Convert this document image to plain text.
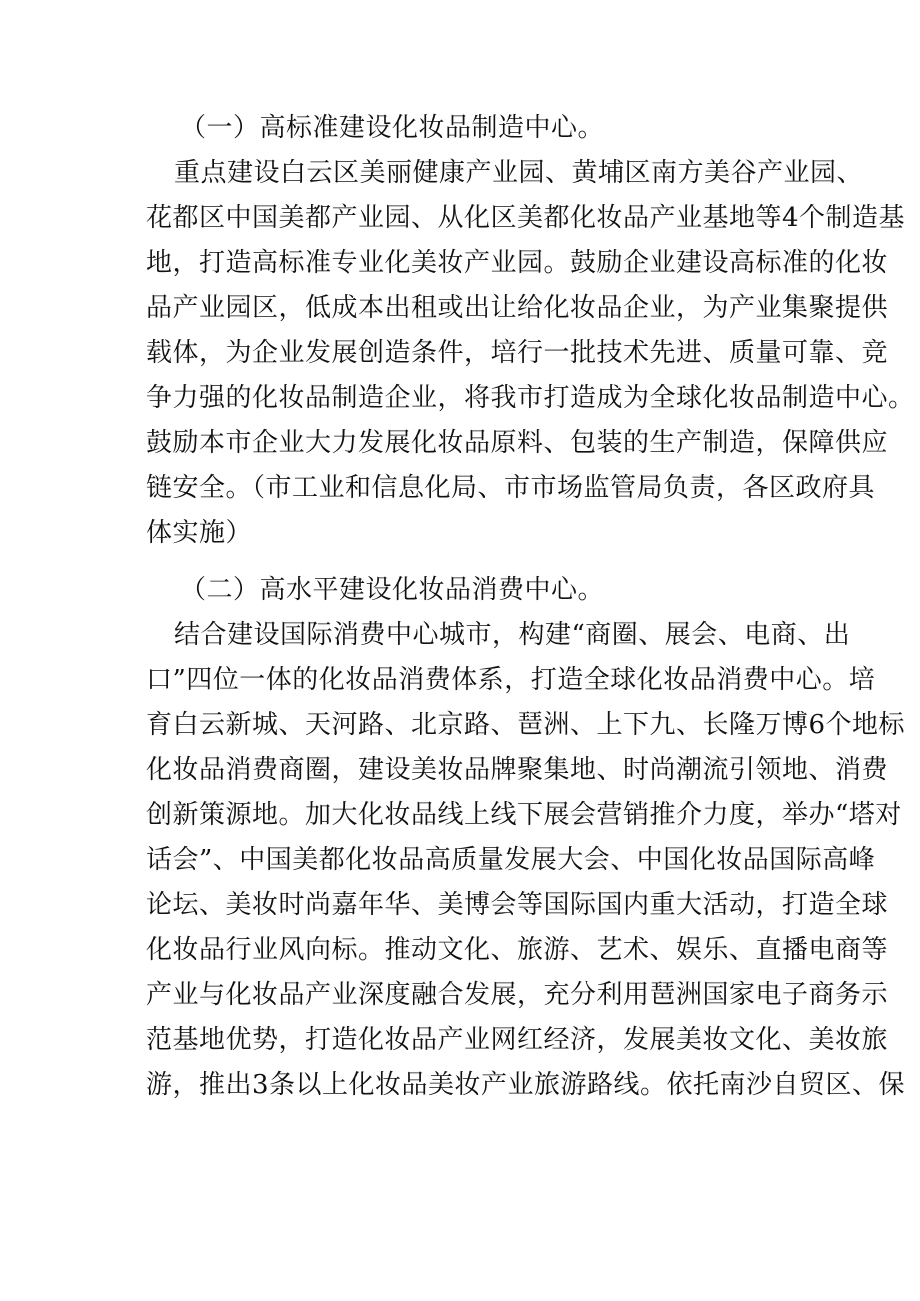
（一）高标准建设化妆品制造中心。
重点建设白云区美丽健康产业园、黄埔区南方美谷产业园、
花都区中国美都产业园、从化区美都化妆品产业基地等4个制造基
地，打造高标准专业化美妆产业园。鼓励企业建设高标准的化妆
品产业园区，低成本出租或出让给化妆品企业，为产业集聚提供
载体，为企业发展创造条件，培行一批技术先进、质量可靠、竞
争力强的化妆品制造企业，将我市打造成为全球化妆品制造中心。
鼓励本市企业大力发展化妆品原料、包装的生产制造，保障供应
链安全。（市工业和信息化局、市市场监管局负责，各区政府具
体实施）
（二）高水平建设化妆品消费中心。
结合建设国际消费中心城市，构建“商圈、展会、电商、出
口”四位一体的化妆品消费体系，打造全球化妆品消费中心。培
育白云新城、天河路、北京路、琶洲、上下九、长隆万博6个地标
化妆品消费商圈，建设美妆品牌聚集地、时尚潮流引领地、消费
创新策源地。加大化妆品线上线下展会营销推介力度，举办“塔对
话会”、中国美都化妆品高质量发展大会、中国化妆品国际高峰
论坛、美妆时尚嘉年华、美博会等国际国内重大活动，打造全球
化妆品行业风向标。推动文化、旅游、艺术、娱乐、直播电商等
产业与化妆品产业深度融合发展，充分利用琶洲国家电子商务示
范基地优势，打造化妆品产业网红经济，发展美妆文化、美妆旅
游，推出3条以上化妆品美妆产业旅游路线。依托南沙自贸区、保
